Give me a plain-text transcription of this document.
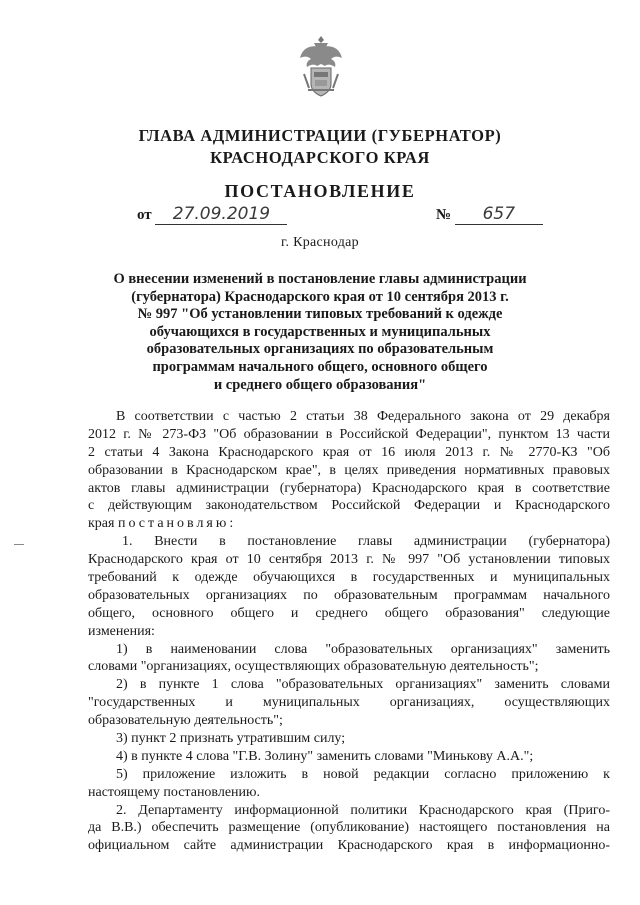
ГЛАВА АДМИНИСТРАЦИИ (ГУБЕРНАТОР)
КРАСНОДАРСКОГО КРАЯ
ПОСТАНОВЛЕНИЕ
от 27.09.2019	№ 657
г. Краснодар
О внесении изменений в постановление главы администрации
(губернатора) Краснодарского края от 10 сентября 2013 г.
№ 997 "Об установлении типовых требований к одежде
обучающихся в государственных и муниципальных
образовательных организациях по образовательным
программам начального общего, основного общего
и среднего общего образования"
В соответствии с частью 2 статьи 38 Федерального закона от 29 декабря
2012 г. № 273-ФЗ "Об образовании в Российской Федерации", пунктом 13 части
2 статьи 4 Закона Краснодарского края от 16 июля 2013 г. № 2770-КЗ "Об
образовании в Краснодарском крае", в целях приведения нормативных правовых
актов главы администрации (губернатора) Краснодарского края в соответствие
с действующим законодательством Российской Федерации и Краснодарского
края постановляю:
1. Внести в постановление главы администрации (губернатора)
Краснодарского края от 10 сентября 2013 г. № 997 "Об установлении типовых
требований к одежде обучающихся в государственных и муниципальных
образовательных организациях по образовательным программам начального
общего, основного общего и среднего общего образования" следующие
изменения:
1) в наименовании слова "образовательных организациях" заменить
словами "организациях, осуществляющих образовательную деятельность";
2) в пункте 1 слова "образовательных организациях" заменить словами
"государственных и муниципальных организациях, осуществляющих
образовательную деятельность";
3) пункт 2 признать утратившим силу;
4) в пункте 4 слова "Г.В. Золину" заменить словами "Минькову А.А.";
5) приложение изложить в новой редакции согласно приложению к
настоящему постановлению.
2. Департаменту информационной политики Краснодарского края (Приго-
да В.В.) обеспечить размещение (опубликование) настоящего постановления на
официальном сайте администрации Краснодарского края в информационно-
